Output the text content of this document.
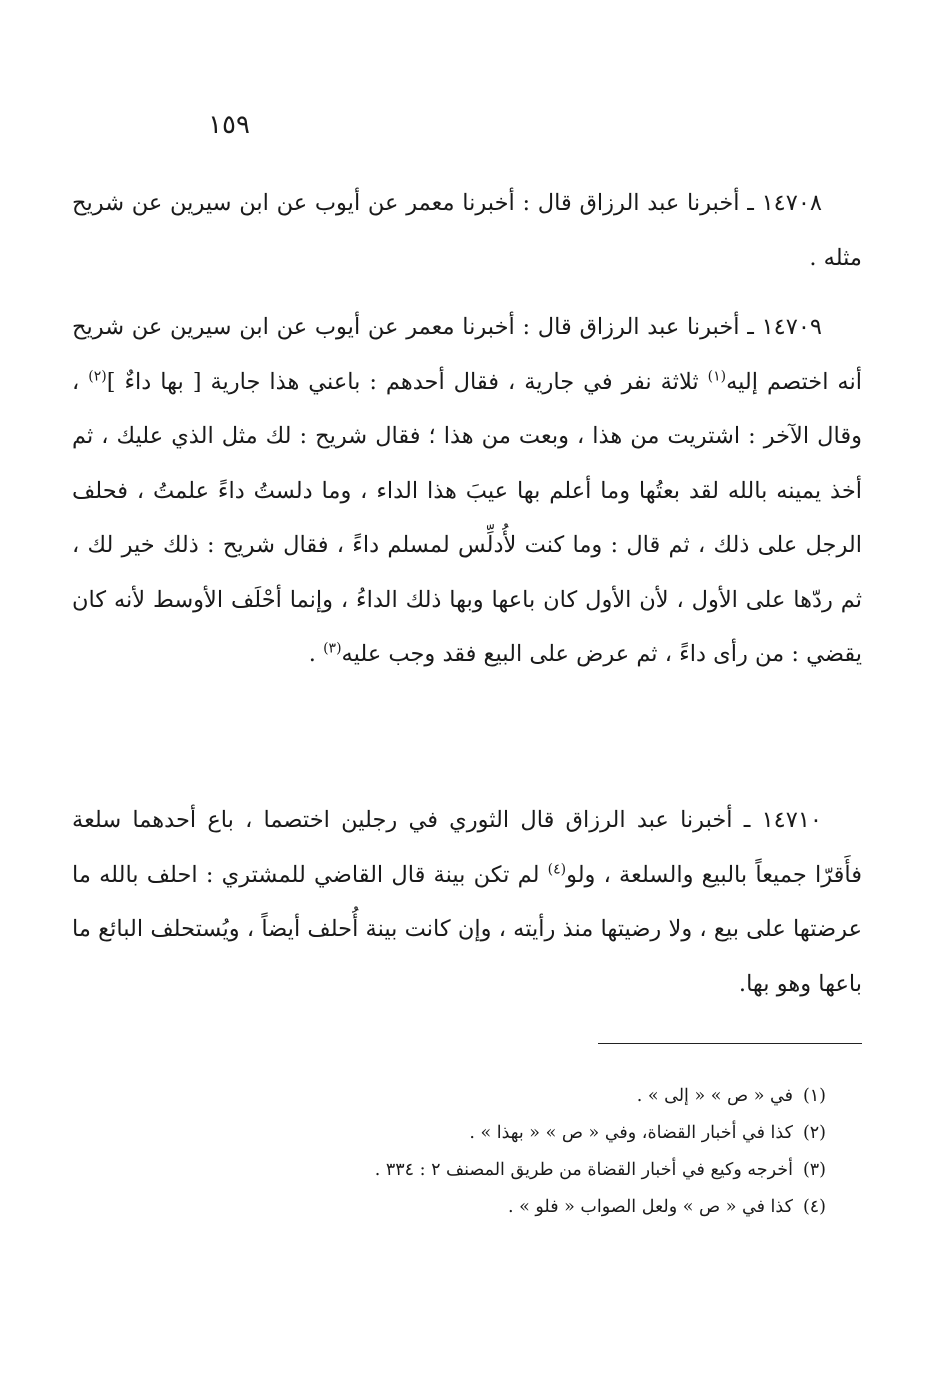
١٥٩

١٤٧٠٨ ـ أخبرنا عبد الرزاق قال : أخبرنا معمر عن أيوب عن ابن سيرين عن شريح مثله .

١٤٧٠٩ ـ أخبرنا عبد الرزاق قال : أخبرنا معمر عن أيوب عن ابن سيرين عن شريح أنه اختصم إليه$^{(١)}$ ثلاثة نفر في جارية ، فقال أحدهم : باعني هذا جارية [ بها داءٌ ]$^{(٢)}$ ، وقال الآخر : اشتريت من هذا ، وبعت من هذا ؛ فقال شريح : لك مثل الذي عليك ، ثم أخذ يمينه بالله لقد بعتُها وما أعلم بها عيبَ هذا الداء ، وما دلستُ داءً علمتُ ، فحلف الرجل على ذلك ، ثم قال : وما كنت لأُدلِّس لمسلم داءً ، فقال شريح : ذلك خير لك ، ثم ردّها على الأول ، لأن الأول كان باعها وبها ذلك الداءُ ، وإنما أحْلَف الأوسط لأنه كان يقضي : من رأى داءً ، ثم عرض على البيع فقد وجب عليه$^{(٣)}$ .

١٤٧١٠ ـ أخبرنا عبد الرزاق قال الثوري في رجلين اختصما ، باع أحدهما سلعة فأَقرّا جميعاً بالبيع والسلعة ، ولو$^{(٤)}$ لم تكن بينة قال القاضي للمشتري : احلف بالله ما عرضتها على بيع ، ولا رضيتها منذ رأيته ، وإن كانت بينة أُحلف أيضاً ، ويُستحلف البائع ما باعها وهو بها.

(١)في « ص » « إلى » .
(٢)كذا في أخبار القضاة، وفي « ص » « بهذا » .
(٣)أخرجه وكيع في أخبار القضاة من طريق المصنف ٢ : ٣٣٤ .
(٤)كذا في « ص » ولعل الصواب « فلو » .
